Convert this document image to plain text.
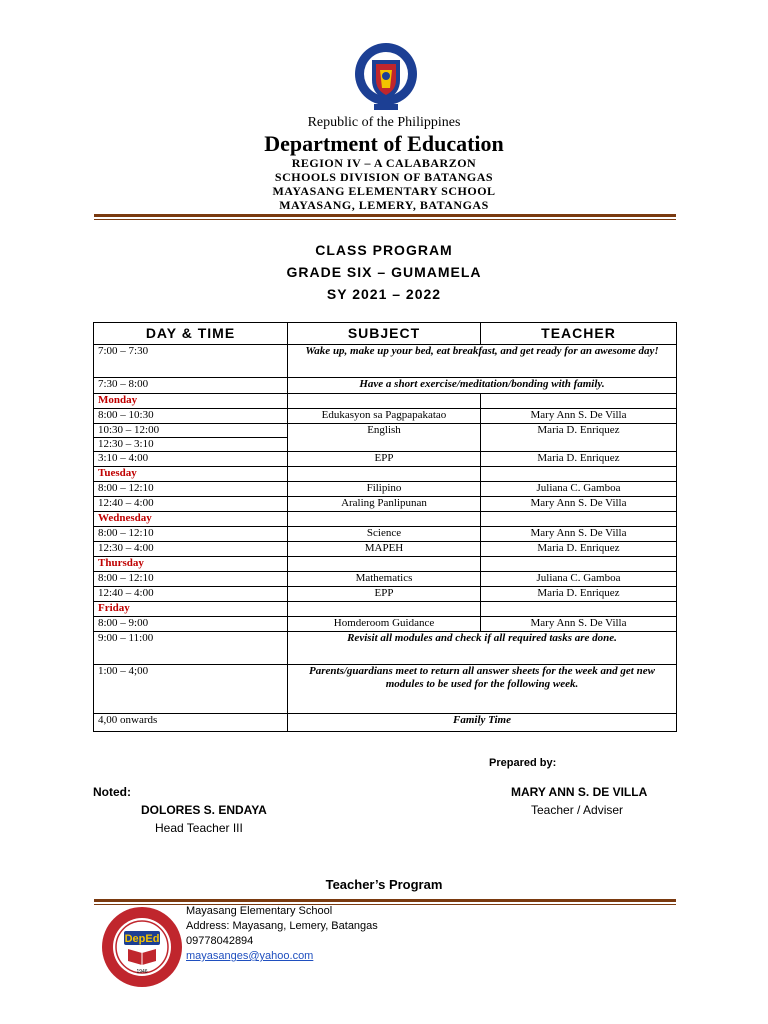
Republic of the Philippines
Department of Education
REGION IV – A CALABARZON
SCHOOLS DIVISION OF BATANGAS
MAYASANG ELEMENTARY SCHOOL
MAYASANG, LEMERY, BATANGAS
CLASS PROGRAM
GRADE SIX – GUMAMELA
SY 2021 – 2022
DAY & TIME	SUBJECT	TEACHER
7:00 – 7:30	Wake up, make up your bed, eat breakfast, and get ready for an awesome day!	
7:30 – 8:00	Have a short exercise/meditation/bonding with family.	
Monday		
8:00 – 10:30	Edukasyon sa Pagpapakatao	Mary Ann S. De Villa
10:30 – 12:00	English	Maria D. Enriquez
12:30 – 3:10		
3:10 – 4:00	EPP	Maria D. Enriquez
Tuesday		
8:00 – 12:10	Filipino	Juliana C. Gamboa
12:40 – 4:00	Araling Panlipunan	Mary Ann S. De Villa
Wednesday		
8:00 – 12:10	Science	Mary Ann S. De Villa
12:30 – 4:00	MAPEH	Maria D. Enriquez
Thursday		
8:00 – 12:10	Mathematics	Juliana C. Gamboa
12:40 – 4:00	EPP	Maria D. Enriquez
Friday		
8:00 – 9:00	Homderoom Guidance	Mary Ann S. De Villa
9:00 – 11:00	Revisit all modules and check if all required tasks are done.	
1:00 – 4;00	Parents/guardians meet to return all answer sheets for the week and get new modules to be used for the following week.	
4,00 onwards	Family Time	
Prepared by:
Noted:	MARY ANN S. DE VILLA
DOLORES S. ENDAYA	Teacher / Adviser
Head Teacher III
Teacher’s Program
DepEd
1946
Mayasang Elementary School
Address: Mayasang, Lemery, Batangas
09778042894
mayasanges@yahoo.com
